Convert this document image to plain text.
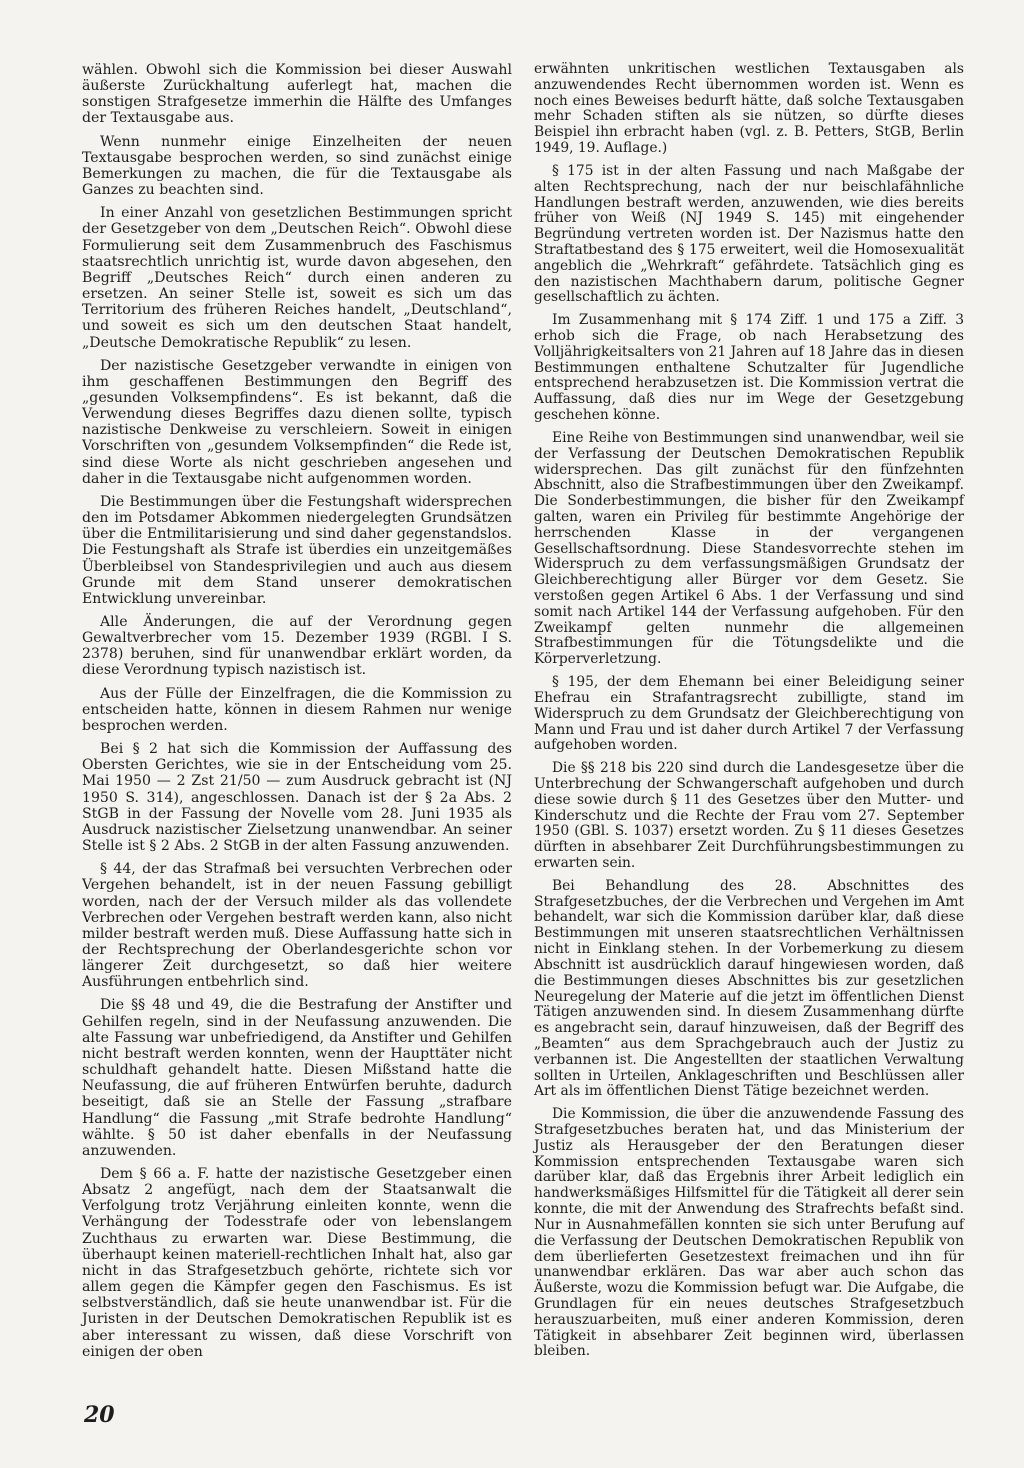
wählen. Obwohl sich die Kommission bei dieser Auswahl äußerste Zurückhaltung auferlegt hat, machen die sonstigen Strafgesetze immerhin die Hälfte des Umfanges der Textausgabe aus.

Wenn nunmehr einige Einzelheiten der neuen Textausgabe besprochen werden, so sind zunächst einige Bemerkungen zu machen, die für die Textausgabe als Ganzes zu beachten sind.

In einer Anzahl von gesetzlichen Bestimmungen spricht der Gesetzgeber von dem „Deutschen Reich“. Obwohl diese Formulierung seit dem Zusammenbruch des Faschismus staatsrechtlich unrichtig ist, wurde davon abgesehen, den Begriff „Deutsches Reich“ durch einen anderen zu ersetzen. An seiner Stelle ist, soweit es sich um das Territorium des früheren Reiches handelt, „Deutschland“, und soweit es sich um den deutschen Staat handelt, „Deutsche Demokratische Republik“ zu lesen.

Der nazistische Gesetzgeber verwandte in einigen von ihm geschaffenen Bestimmungen den Begriff des „gesunden Volksempfindens“. Es ist bekannt, daß die Verwendung dieses Begriffes dazu dienen sollte, typisch nazistische Denkweise zu verschleiern. Soweit in einigen Vorschriften von „gesundem Volksempfinden“ die Rede ist, sind diese Worte als nicht geschrieben angesehen und daher in die Textausgabe nicht aufgenommen worden.

Die Bestimmungen über die Festungshaft widersprechen den im Potsdamer Abkommen niedergelegten Grundsätzen über die Entmilitarisierung und sind daher gegenstandslos. Die Festungshaft als Strafe ist überdies ein unzeitgemäßes Überbleibsel von Standesprivilegien und auch aus diesem Grunde mit dem Stand unserer demokratischen Entwicklung unvereinbar.

Alle Änderungen, die auf der Verordnung gegen Gewaltverbrecher vom 15. Dezember 1939 (RGBl. I S. 2378) beruhen, sind für unanwendbar erklärt worden, da diese Verordnung typisch nazistisch ist.

Aus der Fülle der Einzelfragen, die die Kommission zu entscheiden hatte, können in diesem Rahmen nur wenige besprochen werden.

Bei § 2 hat sich die Kommission der Auffassung des Obersten Gerichtes, wie sie in der Entscheidung vom 25. Mai 1950 — 2 Zst 21/50 — zum Ausdruck gebracht ist (NJ 1950 S. 314), angeschlossen. Danach ist der § 2a Abs. 2 StGB in der Fassung der Novelle vom 28. Juni 1935 als Ausdruck nazistischer Zielsetzung unanwendbar. An seiner Stelle ist § 2 Abs. 2 StGB in der alten Fassung anzuwenden.

§ 44, der das Strafmaß bei versuchten Verbrechen oder Vergehen behandelt, ist in der neuen Fassung gebilligt worden, nach der der Versuch milder als das vollendete Verbrechen oder Vergehen bestraft werden kann, also nicht milder bestraft werden muß. Diese Auffassung hatte sich in der Rechtsprechung der Oberlandesgerichte schon vor längerer Zeit durchgesetzt, so daß hier weitere Ausführungen entbehrlich sind.

Die §§ 48 und 49, die die Bestrafung der Anstifter und Gehilfen regeln, sind in der Neufassung anzuwenden. Die alte Fassung war unbefriedigend, da Anstifter und Gehilfen nicht bestraft werden konnten, wenn der Haupttäter nicht schuldhaft gehandelt hatte. Diesen Mißstand hatte die Neufassung, die auf früheren Entwürfen beruhte, dadurch beseitigt, daß sie an Stelle der Fassung „strafbare Handlung“ die Fassung „mit Strafe bedrohte Handlung“ wählte. § 50 ist daher ebenfalls in der Neufassung anzuwenden.

Dem § 66 a. F. hatte der nazistische Gesetzgeber einen Absatz 2 angefügt, nach dem der Staatsanwalt die Verfolgung trotz Verjährung einleiten konnte, wenn die Verhängung der Todesstrafe oder von lebenslangem Zuchthaus zu erwarten war. Diese Bestimmung, die überhaupt keinen materiell-rechtlichen Inhalt hat, also gar nicht in das Strafgesetzbuch gehörte, richtete sich vor allem gegen die Kämpfer gegen den Faschismus. Es ist selbstverständlich, daß sie heute unanwendbar ist. Für die Juristen in der Deutschen Demokratischen Republik ist es aber interessant zu wissen, daß diese Vorschrift von einigen der oben

erwähnten unkritischen westlichen Textausgaben als anzuwendendes Recht übernommen worden ist. Wenn es noch eines Beweises bedurft hätte, daß solche Textausgaben mehr Schaden stiften als sie nützen, so dürfte dieses Beispiel ihn erbracht haben (vgl. z. B. Petters, StGB, Berlin 1949, 19. Auflage.)

§ 175 ist in der alten Fassung und nach Maßgabe der alten Rechtsprechung, nach der nur beischlafähnliche Handlungen bestraft werden, anzuwenden, wie dies bereits früher von Weiß (NJ 1949 S. 145) mit eingehender Begründung vertreten worden ist. Der Nazismus hatte den Straftatbestand des § 175 erweitert, weil die Homosexualität angeblich die „Wehrkraft“ gefährdete. Tatsächlich ging es den nazistischen Machthabern darum, politische Gegner gesellschaftlich zu ächten.

Im Zusammenhang mit § 174 Ziff. 1 und 175 a Ziff. 3 erhob sich die Frage, ob nach Herabsetzung des Volljährigkeitsalters von 21 Jahren auf 18 Jahre das in diesen Bestimmungen enthaltene Schutzalter für Jugendliche entsprechend herabzusetzen ist. Die Kommission vertrat die Auffassung, daß dies nur im Wege der Gesetzgebung geschehen könne.

Eine Reihe von Bestimmungen sind unanwendbar, weil sie der Verfassung der Deutschen Demokratischen Republik widersprechen. Das gilt zunächst für den fünfzehnten Abschnitt, also die Strafbestimmungen über den Zweikampf. Die Sonderbestimmungen, die bisher für den Zweikampf galten, waren ein Privileg für bestimmte Angehörige der herrschenden Klasse in der vergangenen Gesellschaftsordnung. Diese Standesvorrechte stehen im Widerspruch zu dem verfassungsmäßigen Grundsatz der Gleichberechtigung aller Bürger vor dem Gesetz. Sie verstoßen gegen Artikel 6 Abs. 1 der Verfassung und sind somit nach Artikel 144 der Verfassung aufgehoben. Für den Zweikampf gelten nunmehr die allgemeinen Strafbestimmungen für die Tötungsdelikte und die Körperverletzung.

§ 195, der dem Ehemann bei einer Beleidigung seiner Ehefrau ein Strafantragsrecht zubilligte, stand im Widerspruch zu dem Grundsatz der Gleichberechtigung von Mann und Frau und ist daher durch Artikel 7 der Verfassung aufgehoben worden.

Die §§ 218 bis 220 sind durch die Landesgesetze über die Unterbrechung der Schwangerschaft aufgehoben und durch diese sowie durch § 11 des Gesetzes über den Mutter- und Kinderschutz und die Rechte der Frau vom 27. September 1950 (GBl. S. 1037) ersetzt worden. Zu § 11 dieses Gesetzes dürften in absehbarer Zeit Durchführungsbestimmungen zu erwarten sein.

Bei Behandlung des 28. Abschnittes des Strafgesetzbuches, der die Verbrechen und Vergehen im Amt behandelt, war sich die Kommission darüber klar, daß diese Bestimmungen mit unseren staatsrechtlichen Verhältnissen nicht in Einklang stehen. In der Vorbemerkung zu diesem Abschnitt ist ausdrücklich darauf hingewiesen worden, daß die Bestimmungen dieses Abschnittes bis zur gesetzlichen Neuregelung der Materie auf die jetzt im öffentlichen Dienst Tätigen anzuwenden sind. In diesem Zusammenhang dürfte es angebracht sein, darauf hinzuweisen, daß der Begriff des „Beamten“ aus dem Sprachgebrauch auch der Justiz zu verbannen ist. Die Angestellten der staatlichen Verwaltung sollten in Urteilen, Anklageschriften und Beschlüssen aller Art als im öffentlichen Dienst Tätige bezeichnet werden.

Die Kommission, die über die anzuwendende Fassung des Strafgesetzbuches beraten hat, und das Ministerium der Justiz als Herausgeber der den Beratungen dieser Kommission entsprechenden Textausgabe waren sich darüber klar, daß das Ergebnis ihrer Arbeit lediglich ein handwerksmäßiges Hilfsmittel für die Tätigkeit all derer sein konnte, die mit der Anwendung des Strafrechts befaßt sind. Nur in Ausnahmefällen konnten sie sich unter Berufung auf die Verfassung der Deutschen Demokratischen Republik von dem überlieferten Gesetzestext freimachen und ihn für unanwendbar erklären. Das war aber auch schon das Äußerste, wozu die Kommission befugt war. Die Aufgabe, die Grundlagen für ein neues deutsches Strafgesetzbuch herauszuarbeiten, muß einer anderen Kommission, deren Tätigkeit in absehbarer Zeit beginnen wird, überlassen bleiben.

20
